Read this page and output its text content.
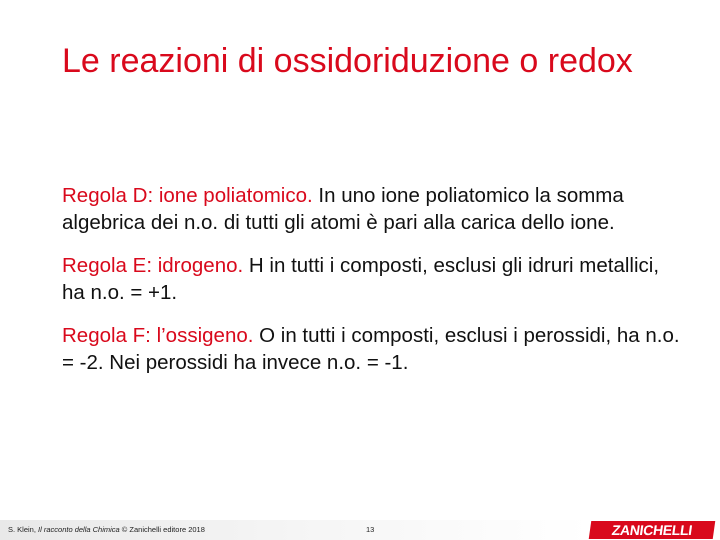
Le reazioni di ossidoriduzione o redox

Regola D: ione poliatomico. In uno ione poliatomico la somma algebrica dei n.o. di tutti gli atomi è pari alla carica dello ione.

Regola E: idrogeno. H in tutti i composti, esclusi gli idruri metallici, ha n.o. = +1.

Regola F: l’ossigeno. O in tutti i composti, esclusi i perossidi, ha n.o. = -2. Nei perossidi ha invece n.o. = -1.

S. Klein, Il racconto della Chimica © Zanichelli editore 2018	13	ZANICHELLI
